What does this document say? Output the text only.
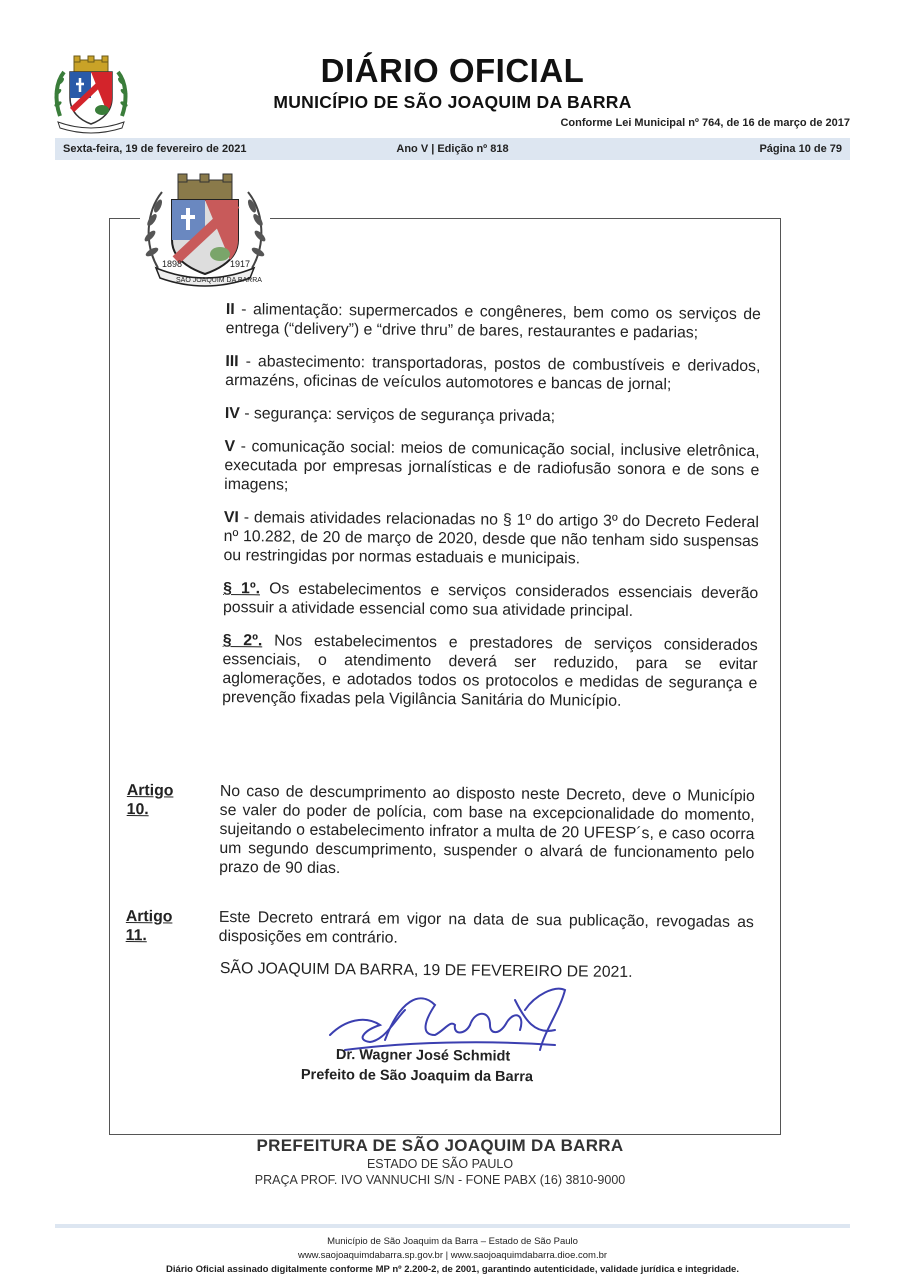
DIÁRIO OFICIAL
MUNICÍPIO DE SÃO JOAQUIM DA BARRA
Conforme Lei Municipal nº 764, de 16 de março de 2017
Sexta-feira, 19 de fevereiro de 2021	Ano V | Edição nº 818	Página 10 de 79
1898	1917
SÃO JOAQUIM DA BARRA

II - alimentação: supermercados e congêneres, bem como os serviços de entrega (“delivery”) e “drive thru” de bares, restaurantes e padarias;

III - abastecimento: transportadoras, postos de combustíveis e derivados, armazéns, oficinas de veículos automotores e bancas de jornal;

IV - segurança: serviços de segurança privada;

V - comunicação social: meios de comunicação social, inclusive eletrônica, executada por empresas jornalísticas e de radiofusão sonora e de sons e imagens;

VI - demais atividades relacionadas no § 1º do artigo 3º do Decreto Federal nº 10.282, de 20 de março de 2020, desde que não tenham sido suspensas ou restringidas por normas estaduais e municipais.

§ 1º. Os estabelecimentos e serviços considerados essenciais deverão possuir a atividade essencial como sua atividade principal.

§ 2º. Nos estabelecimentos e prestadores de serviços considerados essenciais, o atendimento deverá ser reduzido, para se evitar aglomerações, e adotados todos os protocolos e medidas de segurança e prevenção fixadas pela Vigilância Sanitária do Município.

Artigo 10.
No caso de descumprimento ao disposto neste Decreto, deve o Município se valer do poder de polícia, com base na excepcionalidade do momento, sujeitando o estabelecimento infrator a multa de 20 UFESP´s, e caso ocorra um segundo descumprimento, suspender o alvará de funcionamento pelo prazo de 90 dias.
Artigo 11.
Este Decreto entrará em vigor na data de sua publicação, revogadas as disposições em contrário.
SÃO JOAQUIM DA BARRA, 19 DE FEVEREIRO DE 2021.
Dr. Wagner José Schmidt
Prefeito de São Joaquim da Barra
PREFEITURA DE SÃO JOAQUIM DA BARRA
ESTADO DE SÃO PAULO
PRAÇA PROF. IVO VANNUCHI S/N - FONE PABX (16) 3810-9000
Município de São Joaquim da Barra – Estado de São Paulo
www.saojoaquimdabarra.sp.gov.br | www.saojoaquimdabarra.dioe.com.br
Diário Oficial assinado digitalmente conforme MP nº 2.200-2, de 2001, garantindo autenticidade, validade jurídica e integridade.
